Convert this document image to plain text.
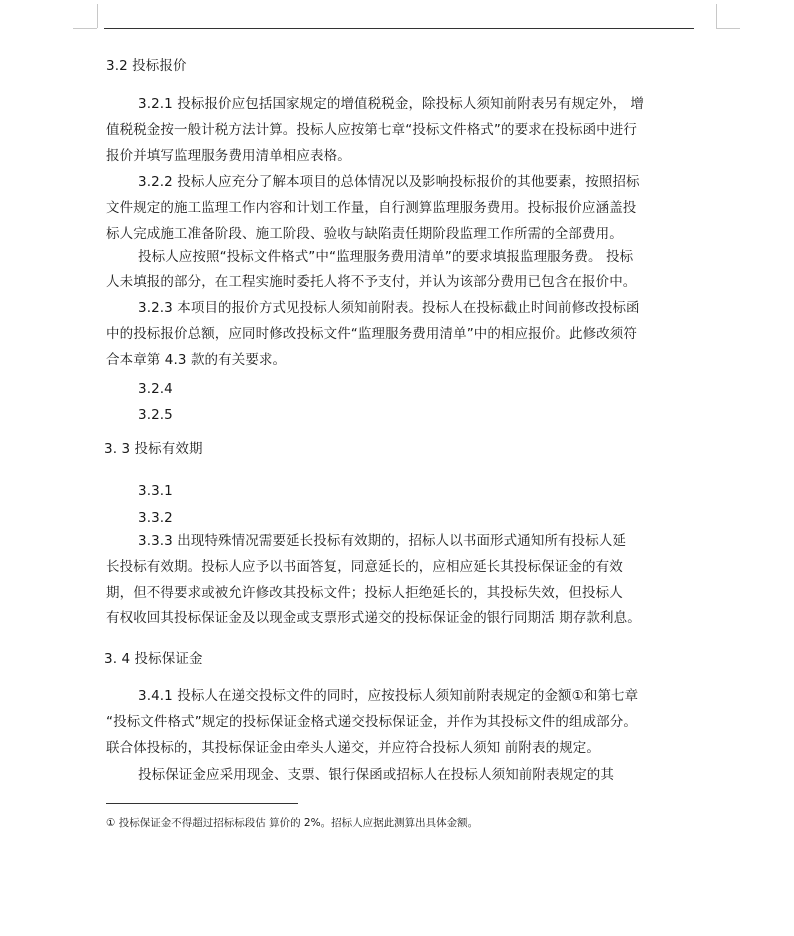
3.2 投标报价
3.2.1 投标报价应包括国家规定的增值税税金，除投标人须知前附表另有规定外， 增
值税税金按一般计税方法计算。投标人应按第七章“投标文件格式”的要求在投标函中进行
报价并填写监理服务费用清单相应表格。
3.2.2 投标人应充分了解本项目的总体情况以及影响投标报价的其他要素，按照招标
文件规定的施工监理工作内容和计划工作量，自行测算监理服务费用。投标报价应涵盖投
标人完成施工准备阶段、施工阶段、验收与缺陷责任期阶段监理工作所需的全部费用。
投标人应按照“投标文件格式”中“监理服务费用清单”的要求填报监理服务费。 投标
人未填报的部分，在工程实施时委托人将不予支付，并认为该部分费用已包含在报价中。
3.2.3 本项目的报价方式见投标人须知前附表。投标人在投标截止时间前修改投标函
中的投标报价总额，应同时修改投标文件“监理服务费用清单”中的相应报价。此修改须符
合本章第 4.3 款的有关要求。
3.2.4
3.2.5
3. 3 投标有效期
3.3.1
3.3.2
3.3.3 出现特殊情况需要延长投标有效期的，招标人以书面形式通知所有投标人延
长投标有效期。投标人应予以书面答复，同意延长的，应相应延长其投标保证金的有效
期，但不得要求或被允许修改其投标文件；投标人拒绝延长的，其投标失效，但投标人
有权收回其投标保证金及以现金或支票形式递交的投标保证金的银行同期活 期存款利息。
3. 4 投标保证金
3.4.1 投标人在递交投标文件的同时，应按投标人须知前附表规定的金额①和第七章
“投标文件格式”规定的投标保证金格式递交投标保证金，并作为其投标文件的组成部分。
联合体投标的，其投标保证金由牵头人递交，并应符合投标人须知 前附表的规定。
投标保证金应采用现金、支票、银行保函或招标人在投标人须知前附表规定的其
① 投标保证金不得超过招标标段估 算价的 2%。招标人应据此测算出具体金额。
